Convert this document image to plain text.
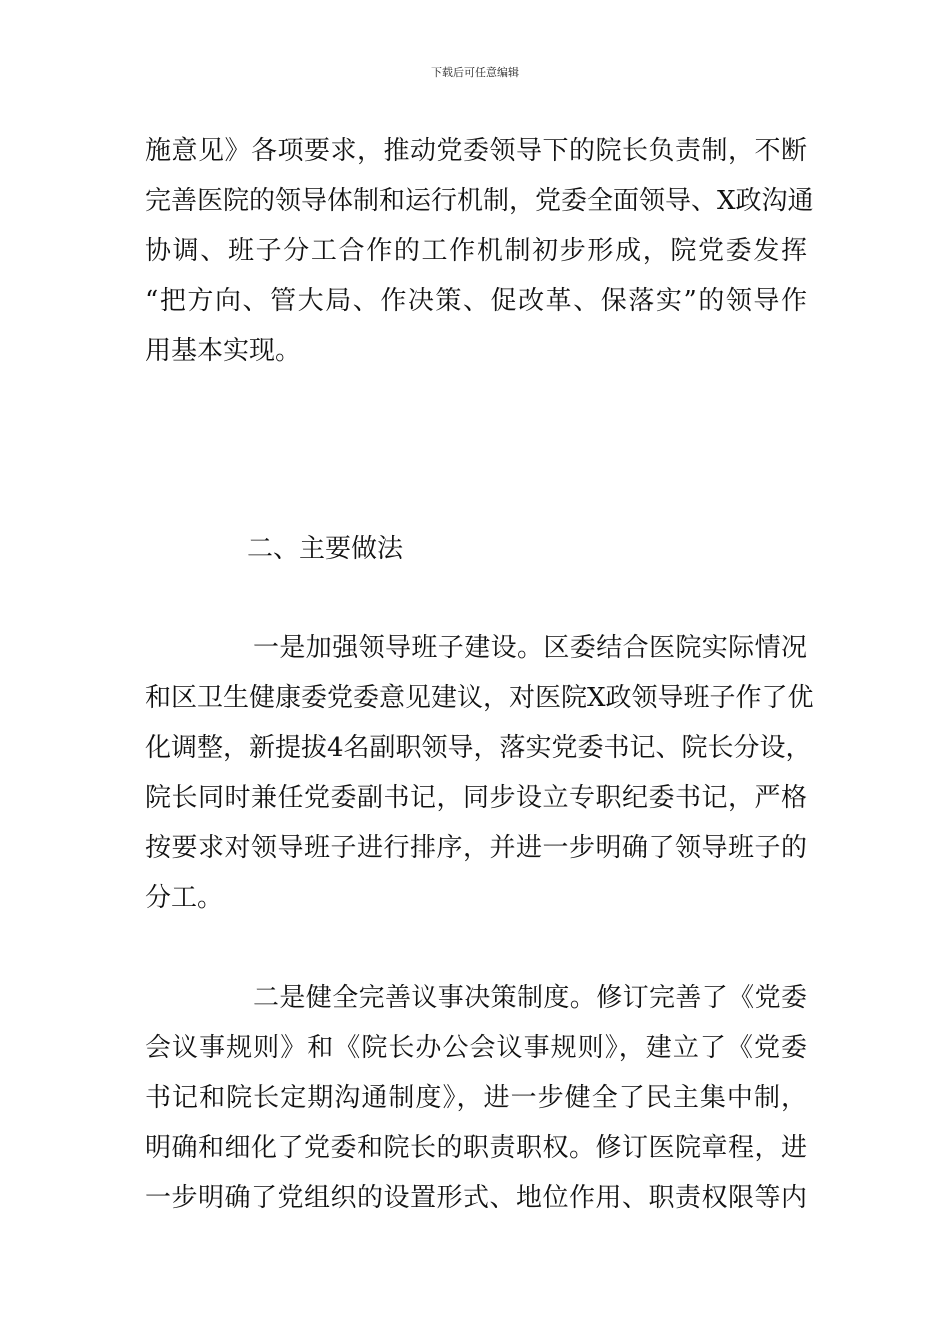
下载后可任意编辑
施意见》各项要求，推动党委领导下的院长负责制，不断
完善医院的领导体制和运行机制，党委全面领导、X政沟通
协调、班子分工合作的工作机制初步形成，院党委发挥
“把方向、管大局、作决策、促改革、保落实”的领导作
用基本实现。
二、主要做法
一是加强领导班子建设。区委结合医院实际情况
和区卫生健康委党委意见建议，对医院X政领导班子作了优
化调整，新提拔4名副职领导，落实党委书记、院长分设，
院长同时兼任党委副书记，同步设立专职纪委书记，严格
按要求对领导班子进行排序，并进一步明确了领导班子的
分工。
二是健全完善议事决策制度。修订完善了《党委
会议事规则》和《院长办公会议事规则》，建立了《党委
书记和院长定期沟通制度》，进一步健全了民主集中制，
明确和细化了党委和院长的职责职权。修订医院章程，进
一步明确了党组织的设置形式、地位作用、职责权限等内
